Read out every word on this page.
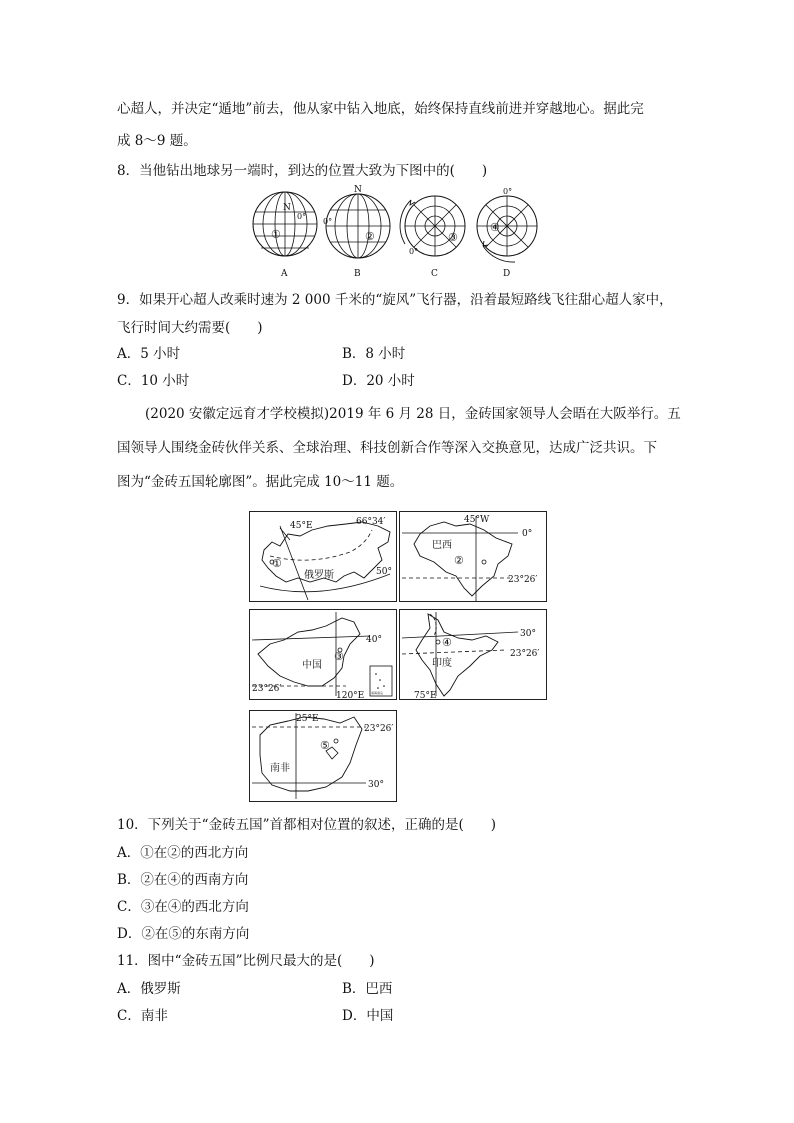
心超人，并决定“遁地”前去，他从家中钻入地底，始终保持直线前进并穿越地心。据此完
成 8～9 题。
8．当他钻出地球另一端时，到达的位置大致为下图中的(　　)
N
0°
①
A
N
0°
②
B
0°
③
C
0°
④
D
9．如果开心超人改乘时速为 2 000 千米的“旋风”飞行器，沿着最短路线飞往甜心超人家中，
飞行时间大约需要(　　)
A．5 小时	B．8 小时
C．10 小时	D．20 小时
(2020 安徽定远育才学校模拟)2019 年 6 月 28 日，金砖国家领导人会晤在大阪举行。五
国领导人围绕金砖伙伴关系、全球治理、科技创新合作等深入交换意见，达成广泛共识。下
图为“金砖五国轮廓图”。据此完成 10～11 题。
45°E	66°34′
50°
①
俄罗斯
45°W
0°
23°26′
②
巴西
南海诸岛
40°
23°26′
120°E
③
中国
30°
23°26′
75°E
④
印度
25°E
23°26′
30°
⑤
南非
10．下列关于“金砖五国”首都相对位置的叙述，正确的是(　　)
A．①在②的西北方向
B．②在④的西南方向
C．③在④的西北方向
D．②在⑤的东南方向
11．图中“金砖五国”比例尺最大的是(　　)
A．俄罗斯	B．巴西
C．南非	D．中国
